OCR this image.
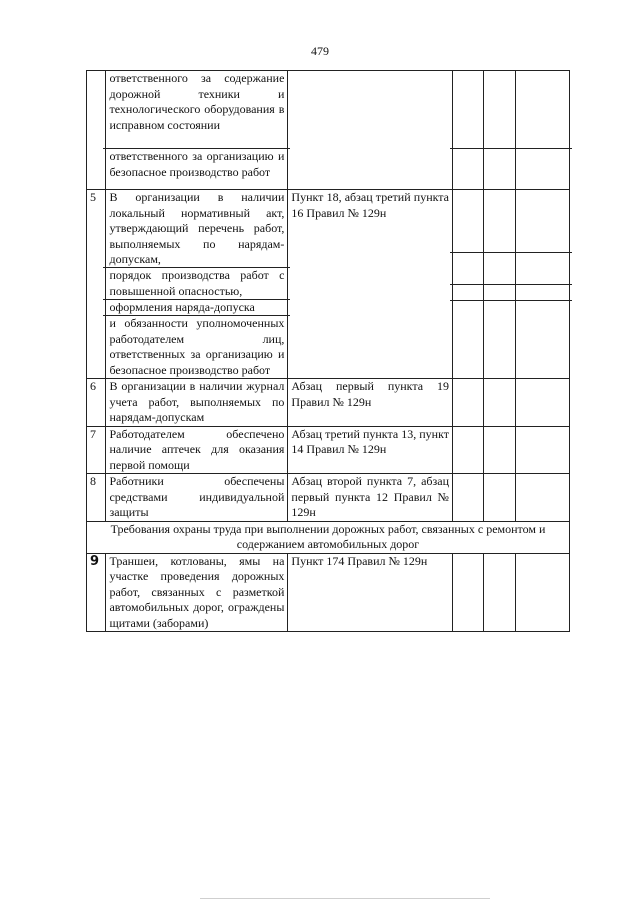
479

	ответственного за содержание дорожной техники и технологического оборудования в исправном состоянии
ответственного за организацию и безопасное производство работ				

5	В организации в наличии локальный нормативный акт, утверждающий перечень работ, выполняемых по нарядам-допускам,
порядок производства работ с повышенной опасностью,
оформления наряда-допуска
и обязанности уполномоченных работодателем лиц, ответственных за организацию и безопасное производство работ	Пункт 18, абзац третий пункта 16 Правил № 129н	

6	В организации в наличии журнал учета работ, выполняемых по нарядам-допускам	Абзац первый пункта 19 Правил № 129н			
7	Работодателем обеспечено наличие аптечек для оказания первой помощи	Абзац третий пункта 13, пункт 14 Правил № 129н			
8	Работники обеспечены средствами индивидуальной защиты	Абзац второй пункта 7, абзац первый пункта 12 Правил № 129н			
Требования охраны труда при выполнении дорожных работ, связанных с ремонтом и содержанием автомобильных дорог					
9	Траншеи, котлованы, ямы на участке проведения дорожных работ, связанных с разметкой автомобильных дорог, ограждены щитами (заборами)	Пункт 174 Правил № 129н			
